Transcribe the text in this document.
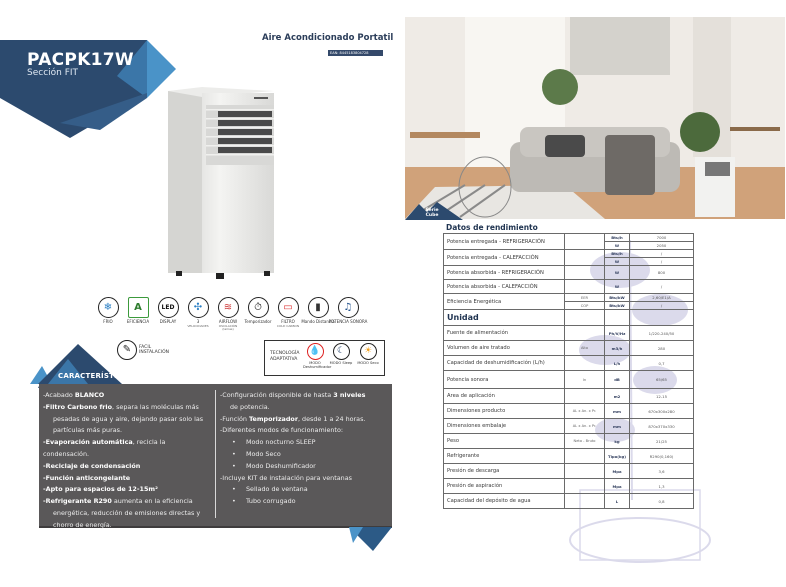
PACPK17W
Sección FIT
Aire Acondicionado Portatil
EAN: 8445183804728
❄
FRIO
A
EFICIENCIA
LED
DISPLAY
✣
3
VELOCIDADES
≋
AIRFLOW
OSCILACIÓN (lamas)
⏱
Temporizador
▭
FILTRO
COLD CARBON
▮
Mando Distancia
♫
POTENCIA SONORA
✎	FACIL INSTALACIÓN	TECNOLOGÍA ADAPTATIVA
💧
MODO Deshumificador
☾
MODO Sleep
☀
MODO Seco
CARACTERÍSTICAS
-Acabado BLANCO
-Filtro Carbono frio, separa las moléculas más
pesadas de agua y aire, dejando pasar solo las
partículas más puras.
-Evaporación automática, recicla la condensación.
-Reciclaje de condensación
-Función anticongelante
-Apto para espacios de 12-15m²
-Refrigerante R290 aumenta en la eficiencia
energética, reducción de emisiones directas y
chorro de energía.
-Configuración disponible de hasta 3 niveles
de potencia.
-Función Temporizador, desde 1 a 24 horas.
-Diferentes modos de funcionamiento:
• Modo nocturno SLEEP
• Modo Seco
• Modo Deshumificador
-Incluye KIT de instalación para ventanas
• Sellado de ventana
• Tubo corrugado
Serie
Cube
Datos de rendimiento
Potencia entregada - REFRIGERACIÓN		Btu/h	7000
		W	2050
Potencia entregada - CALEFACCIÓN		Btu/h	/
		W	/
Potencia absorbida - REFRIGERACIÓN		W	800
Potencia absorbida - CALEFACCIÓN		W	/
Eficiencia Energética	EER	Btu/kW	2,60/E1/A
	COP	Btu/kW	/
Unidad			
Fuente de alimentación		Ph/V/Hz	1/220-240/50
Volumen de aire tratado	Alto	m3/h	280
Capacidad de deshumidificación (L/h)		L/h	0,7
Potencia sonora	In	dB	65/65
Area de aplicación		m2	12-15
Dimensiones producto	AL x An. x Pr.	mm	670x300x280
Dimensiones embalaje	AL x An. x Pr.	mm	870x370x330
Peso	Neto - Bruto	kg	21/25
Refrigerante		Tipo(kg)	R290(0,160)
Presión de descarga		Mpa	3,6
Presión de aspiración		Mpa	1,3
Capacidad del depósito de agua		L	0,8
